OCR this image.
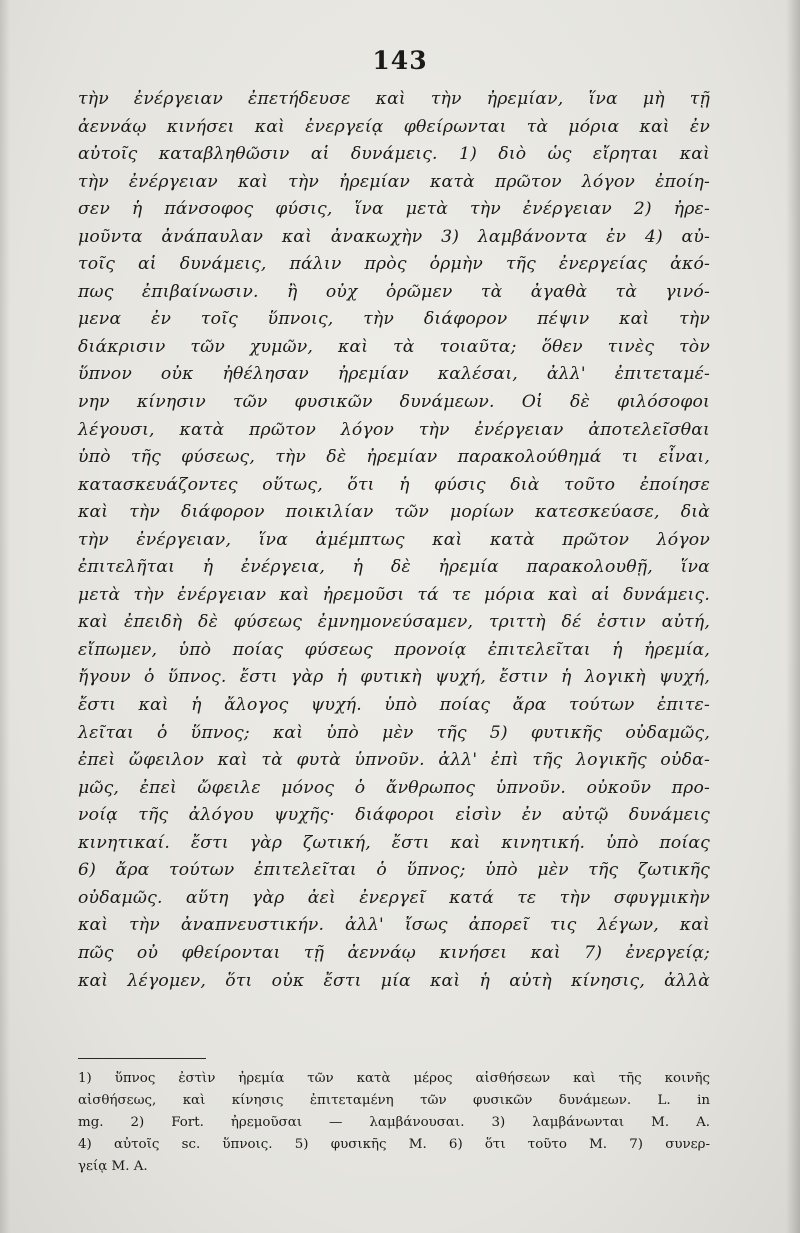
143
τὴν ἐνέργειαν ἐπετήδευσε καὶ τὴν ἠρεμίαν, ἵνα μὴ τῇ
ἀεννάῳ κινήσει καὶ ἐνεργείᾳ φθείρωνται τὰ μόρια καὶ ἐν
αὐτοῖς καταβληθῶσιν αἱ δυνάμεις. 1) διὸ ὡς εἴρηται καὶ
τὴν ἐνέργειαν καὶ τὴν ἠρεμίαν κατὰ πρῶτον λόγον ἐποίη-
σεν ἡ πάνσοφος φύσις, ἵνα μετὰ τὴν ἐνέργειαν 2) ἠρε-
μοῦντα ἀνάπαυλαν καὶ ἀνακωχὴν 3) λαμβάνοντα ἐν 4) αὐ-
τοῖς αἱ δυνάμεις, πάλιν πρὸς ὁρμὴν τῆς ἐνεργείας ἀκό-
πως ἐπιβαίνωσιν. ἢ οὐχ ὁρῶμεν τὰ ἀγαθὰ τὰ γινό-
μενα ἐν τοῖς ὕπνοις, τὴν διάφορον πέψιν καὶ τὴν
διάκρισιν τῶν χυμῶν, καὶ τὰ τοιαῦτα; ὅθεν τινὲς τὸν
ὕπνον οὐκ ἠθέλησαν ἠρεμίαν καλέσαι, ἀλλ' ἐπιτεταμέ-
νην κίνησιν τῶν φυσικῶν δυνάμεων. Οἱ δὲ φιλόσοφοι
λέγουσι, κατὰ πρῶτον λόγον τὴν ἐνέργειαν ἀποτελεῖσθαι
ὑπὸ τῆς φύσεως, τὴν δὲ ἠρεμίαν παρακολούθημά τι εἶναι,
κατασκευάζοντες οὕτως, ὅτι ἡ φύσις διὰ τοῦτο ἐποίησε
καὶ τὴν διάφορον ποικιλίαν τῶν μορίων κατεσκεύασε, διὰ
τὴν ἐνέργειαν, ἵνα ἀμέμπτως καὶ κατὰ πρῶτον λόγον
ἐπιτελῆται ἡ ἐνέργεια, ἡ δὲ ἠρεμία παρακολουθῇ, ἵνα
μετὰ τὴν ἐνέργειαν καὶ ἠρεμοῦσι τά τε μόρια καὶ αἱ δυνάμεις.
καὶ ἐπειδὴ δὲ φύσεως ἐμνημονεύσαμεν, τριττὴ δέ ἐστιν αὐτή,
εἴπωμεν, ὑπὸ ποίας φύσεως προνοίᾳ ἐπιτελεῖται ἡ ἠρεμία,
ἤγουν ὁ ὕπνος. ἔστι γὰρ ἡ φυτικὴ ψυχή, ἔστιν ἡ λογικὴ ψυχή,
ἔστι καὶ ἡ ἄλογος ψυχή. ὑπὸ ποίας ἄρα τούτων ἐπιτε-
λεῖται ὁ ὕπνος; καὶ ὑπὸ μὲν τῆς 5) φυτικῆς οὐδαμῶς,
ἐπεὶ ὤφειλον καὶ τὰ φυτὰ ὑπνοῦν. ἀλλ' ἐπὶ τῆς λογικῆς οὐδα-
μῶς, ἐπεὶ ὤφειλε μόνος ὁ ἄνθρωπος ὑπνοῦν. οὐκοῦν προ-
νοίᾳ τῆς ἀλόγου ψυχῆς· διάφοροι εἰσὶν ἐν αὐτῷ δυνάμεις
κινητικαί. ἔστι γὰρ ζωτική, ἔστι καὶ κινητική. ὑπὸ ποίας
6) ἄρα τούτων ἐπιτελεῖται ὁ ὕπνος; ὑπὸ μὲν τῆς ζωτικῆς
οὐδαμῶς. αὕτη γὰρ ἀεὶ ἐνεργεῖ κατά τε τὴν σφυγμικὴν
καὶ τὴν ἀναπνευστικήν. ἀλλ' ἴσως ἀπορεῖ τις λέγων, καὶ
πῶς οὐ φθείρονται τῇ ἀεννάῳ κινήσει καὶ 7) ἐνεργείᾳ;
καὶ λέγομεν, ὅτι οὐκ ἔστι μία καὶ ἡ αὐτὴ κίνησις, ἀλλὰ
1) ὕπνος ἐστὶν ἠρεμία τῶν κατὰ μέρος αἰσθήσεων καὶ τῆς κοινῆς
αἰσθήσεως, καὶ κίνησις ἐπιτεταμένη τῶν φυσικῶν δυνάμεων. L. in
mg. 2) Fort. ἠρεμοῦσαι — λαμβάνουσαι. 3) λαμβάνωνται M. A.
4) αὐτοῖς sc. ὕπνοις. 5) φυσικῆς M. 6) ὅτι τοῦτο M. 7) συνερ-
γείᾳ M. A.
